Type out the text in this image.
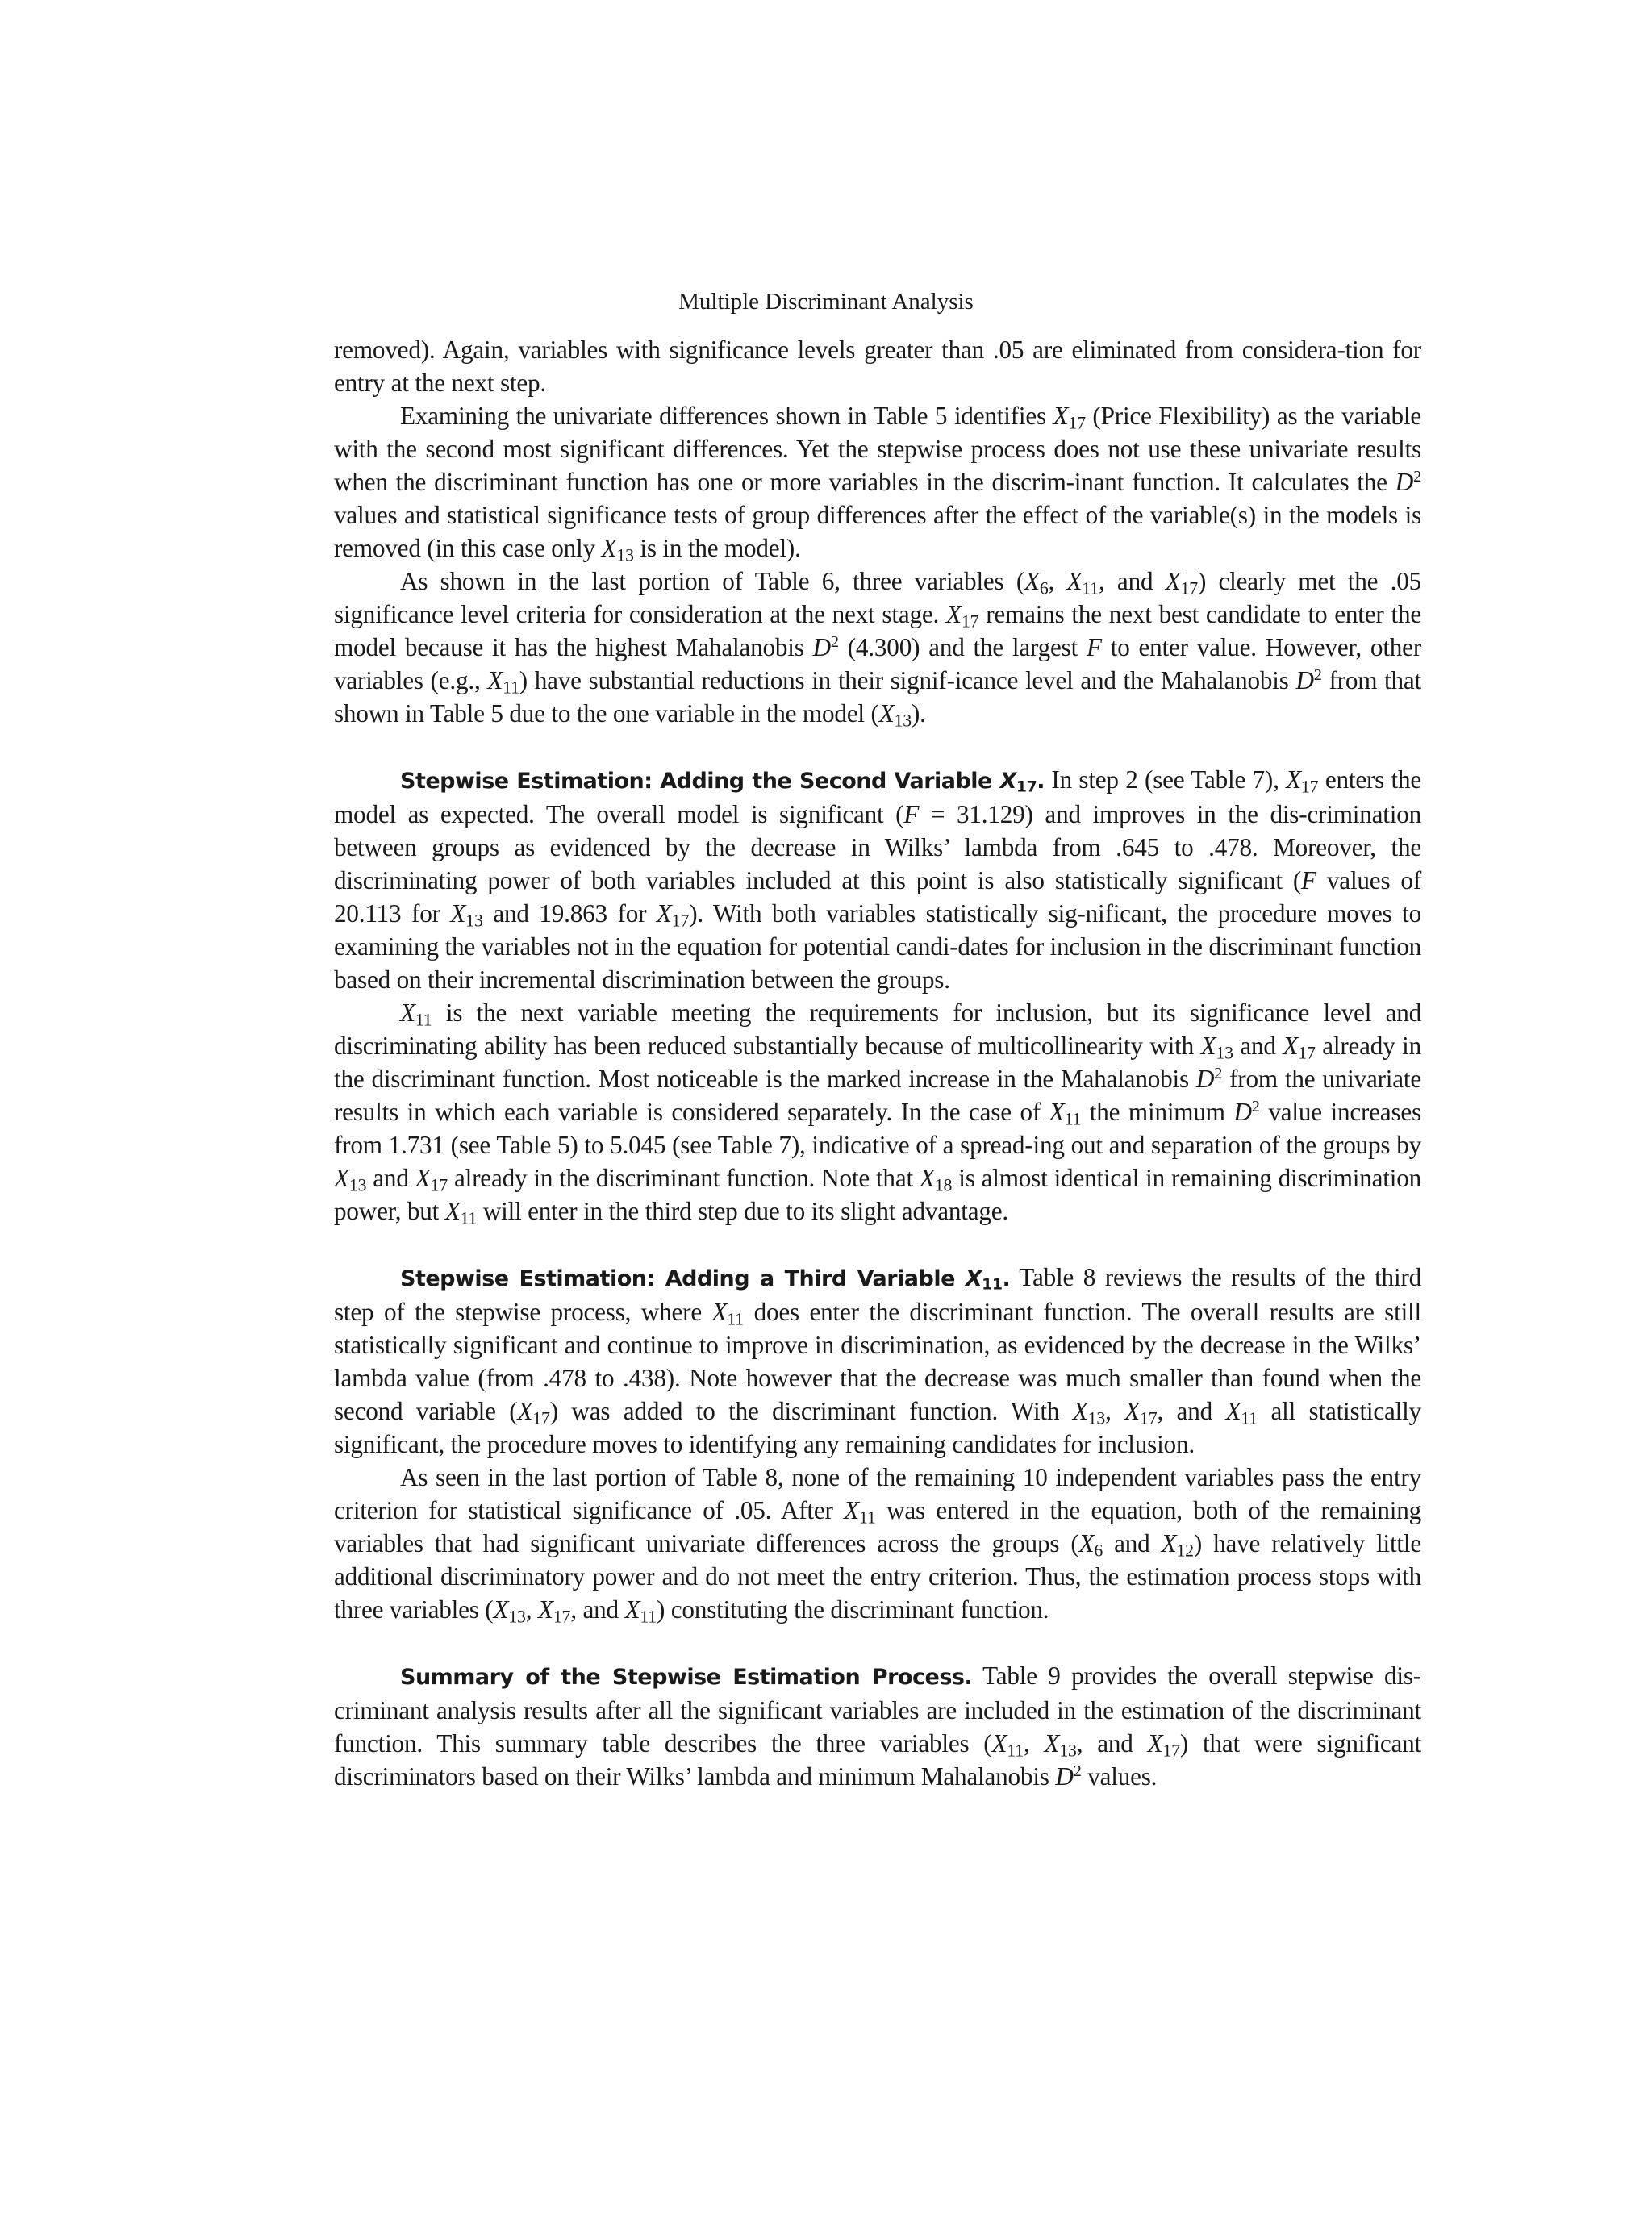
Multiple Discriminant Analysis

removed). Again, variables with significance levels greater than .05 are eliminated from considera-tion for entry at the next step.

Examining the univariate differences shown in Table 5 identifies $X_{17}$ (Price Flexibility) as the variable with the second most significant differences. Yet the stepwise process does not use these univariate results when the discriminant function has one or more variables in the discrim-inant function. It calculates the $D^2$ values and statistical significance tests of group differences after the effect of the variable(s) in the models is removed (in this case only $X_{13}$ is in the model).

As shown in the last portion of Table 6, three variables ($X_6$, $X_{11}$, and $X_{17}$) clearly met the .05 significance level criteria for consideration at the next stage. $X_{17}$ remains the next best candidate to enter the model because it has the highest Mahalanobis $D^2$ (4.300) and the largest F to enter value. However, other variables (e.g., $X_{11}$) have substantial reductions in their signif-icance level and the Mahalanobis $D^2$ from that shown in Table 5 due to the one variable in the model $(X_{13})$.

Stepwise Estimation: Adding the Second Variable $X_{17}$. In step 2 (see Table 7), $X_{17}$ enters the model as expected. The overall model is significant (F = 31.129) and improves in the dis-crimination between groups as evidenced by the decrease in Wilks’ lambda from .645 to .478. Moreover, the discriminating power of both variables included at this point is also statistically significant (F values of 20.113 for $X_{13}$ and 19.863 for $X_{17}$). With both variables statistically sig-nificant, the procedure moves to examining the variables not in the equation for potential candi-dates for inclusion in the discriminant function based on their incremental discrimination between the groups.

$X_{11}$ is the next variable meeting the requirements for inclusion, but its significance level and discriminating ability has been reduced substantially because of multicollinearity with $X_{13}$ and $X_{17}$ already in the discriminant function. Most noticeable is the marked increase in the Mahalanobis $D^2$ from the univariate results in which each variable is considered separately. In the case of $X_{11}$ the minimum $D^2$ value increases from 1.731 (see Table 5) to 5.045 (see Table 7), indicative of a spread-ing out and separation of the groups by $X_{13}$ and $X_{17}$ already in the discriminant function. Note that $X_{18}$ is almost identical in remaining discrimination power, but $X_{11}$ will enter in the third step due to its slight advantage.

Stepwise Estimation: Adding a Third Variable $X_{11}$. Table 8 reviews the results of the third step of the stepwise process, where $X_{11}$ does enter the discriminant function. The overall results are still statistically significant and continue to improve in discrimination, as evidenced by the decrease in the Wilks’ lambda value (from .478 to .438). Note however that the decrease was much smaller than found when the second variable $(X_{17})$ was added to the discriminant function. With $X_{13}$, $X_{17}$, and $X_{11}$ all statistically significant, the procedure moves to identifying any remaining candidates for inclusion.

As seen in the last portion of Table 8, none of the remaining 10 independent variables pass the entry criterion for statistical significance of .05. After $X_{11}$ was entered in the equation, both of the remaining variables that had significant univariate differences across the groups ($X_6$ and $X_{12}$) have relatively little additional discriminatory power and do not meet the entry criterion. Thus, the estimation process stops with three variables ($X_{13}$, $X_{17}$, and $X_{11}$) constituting the discriminant function.

Summary of the Stepwise Estimation Process. Table 9 provides the overall stepwise dis-criminant analysis results after all the significant variables are included in the estimation of the discriminant function. This summary table describes the three variables ($X_{11}$, $X_{13}$, and $X_{17}$) that were significant discriminators based on their Wilks’ lambda and minimum Mahalanobis $D^2$ values.
